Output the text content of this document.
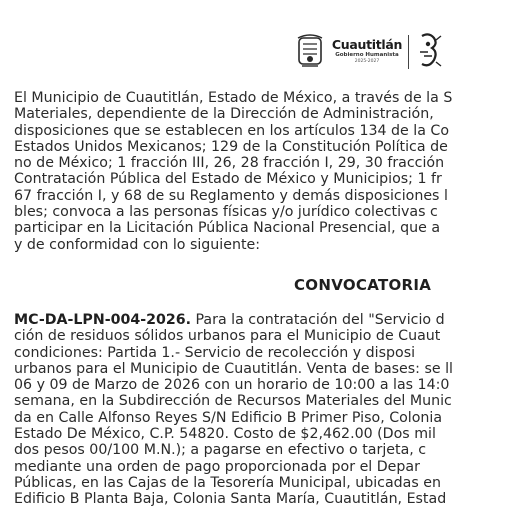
Cuautitlán
Gobierno Humanista
2025-2027
El Municipio de Cuautitlán, Estado de México, a través de la S
Materiales, dependiente de la Dirección de Administración,
disposiciones que se establecen en los artículos 134 de la Co
Estados Unidos Mexicanos; 129 de la Constitución Política de
no de México; 1 fracción III, 26, 28 fracción I, 29, 30 fracción
Contratación Pública del Estado de México y Municipios; 1 fr
67 fracción I, y 68 de su Reglamento y demás disposiciones l
bles; convoca a las personas físicas y/o jurídico colectivas c
participar en la Licitación Pública Nacional Presencial, que a
y de conformidad con lo siguiente:
CONVOCATORIA
MC-DA-LPN-004-2026. Para la contratación del "Servicio d
ción de residuos sólidos urbanos para el Municipio de Cuaut
condiciones: Partida 1.- Servicio de recolección y disposi
urbanos para el Municipio de Cuautitlán. Venta de bases: se ll
06 y 09 de Marzo de 2026 con un horario de 10:00 a las 14:0
semana, en la Subdirección de Recursos Materiales del Munic
da en Calle Alfonso Reyes S/N Edificio B Primer Piso, Colonia
Estado De México, C.P. 54820. Costo de $2,462.00 (Dos mil
dos pesos 00/100 M.N.); a pagarse en efectivo o tarjeta, c
mediante una orden de pago proporcionada por el Depar
Públicas, en las Cajas de la Tesorería Municipal, ubicadas en
Edificio B Planta Baja, Colonia Santa María, Cuautitlán, Estad
